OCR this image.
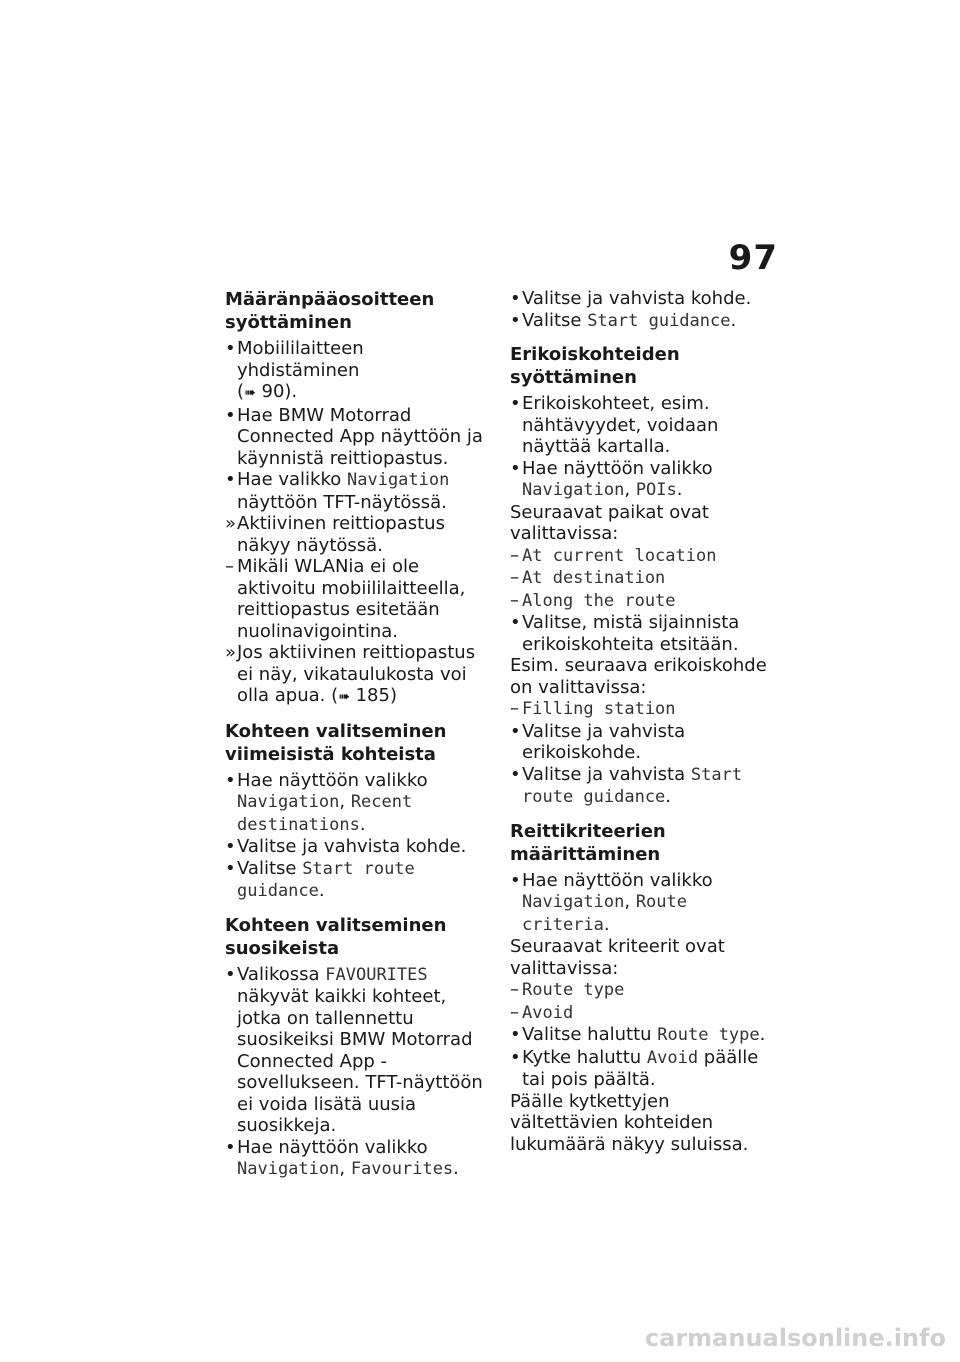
97
Määränpääosoitteen syöttäminen

• Mobiililaitteen yhdistäminen
(➠ 90).

• Hae BMW Motorrad Connected App näyttöön ja käynnistä reittiopastus.

• Hae valikko Navigation näyttöön TFT-näytössä.

» Aktiivinen reittiopastus näkyy näytössä.

– Mikäli WLANia ei ole aktivoitu mobiililaitteella, reittiopastus esitetään nuolinavigointina.

» Jos aktiivinen reittiopastus ei näy, vikataulukosta voi olla apua. (➠ 185)

Kohteen valitseminen viimeisistä kohteista

• Hae näyttöön valikko Navigation, Recent destinations.

• Valitse ja vahvista kohde.

• Valitse Start route guidance.

Kohteen valitseminen suosikeista

• Valikossa FAVOURITES näkyvät kaikki kohteet, jotka on tallennettu suosikeiksi BMW Motorrad Connected App -sovellukseen. TFT-näyttöön ei voida lisätä uusia suosikkeja.

• Hae näyttöön valikko Navigation, Favourites.

• Valitse ja vahvista kohde.

• Valitse Start guidance.

Erikoiskohteiden syöttäminen

• Erikoiskohteet, esim. nähtävyydet, voidaan näyttää kartalla.

• Hae näyttöön valikko Navigation, POIs.

Seuraavat paikat ovat valittavissa:

– At current location

– At destination

– Along the route

• Valitse, mistä sijainnista erikoiskohteita etsitään.

Esim. seuraava erikoiskohde on valittavissa:

– Filling station

• Valitse ja vahvista erikoiskohde.

• Valitse ja vahvista Start route guidance.

Reittikriteerien määrittäminen

• Hae näyttöön valikko Navigation, Route criteria.

Seuraavat kriteerit ovat valittavissa:

– Route type

– Avoid

• Valitse haluttu Route type.

• Kytke haluttu Avoid päälle tai pois päältä.

Päälle kytkettyjen vältettävien kohteiden lukumäärä näkyy suluissa.

carmanualsonline.info
